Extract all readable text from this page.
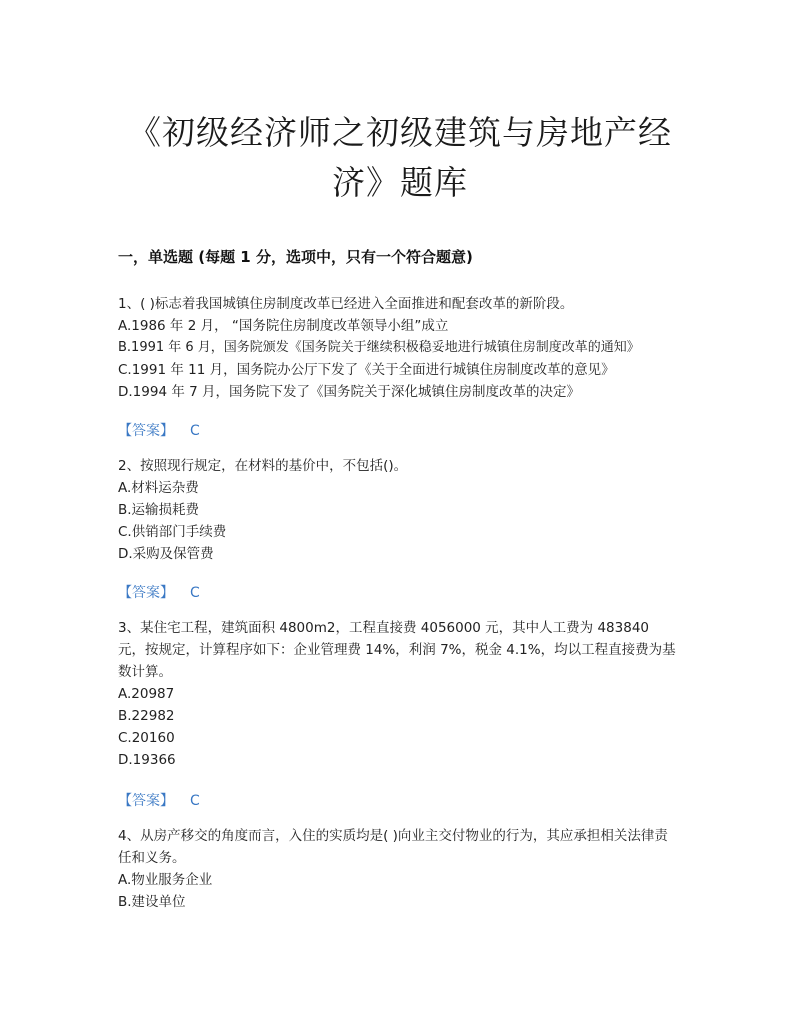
《初级经济师之初级建筑与房地产经
济》题库
一，单选题 (每题 1 分，选项中，只有一个符合题意)
1、( )标志着我国城镇住房制度改革已经进入全面推进和配套改革的新阶段。
A.1986 年 2 月， “国务院住房制度改革领导小组”成立
B.1991 年 6 月，国务院颁发《国务院关于继续积极稳妥地进行城镇住房制度改革的通知》
C.1991 年 11 月，国务院办公厅下发了《关于全面进行城镇住房制度改革的意见》
D.1994 年 7 月，国务院下发了《国务院关于深化城镇住房制度改革的决定》
【答案】 C
2、按照现行规定，在材料的基价中，不包括()。
A.材料运杂费
B.运输损耗费
C.供销部门手续费
D.采购及保管费
【答案】 C
3、某住宅工程，建筑面积 4800m2，工程直接费 4056000 元，其中人工费为 483840 元，按规定，计算程序如下：企业管理费 14%，利润 7%，税金 4.1%，均以工程直接费为基数计算。
A.20987
B.22982
C.20160
D.19366
【答案】 C
4、从房产移交的角度而言，入住的实质均是( )向业主交付物业的行为，其应承担相关法律责任和义务。
A.物业服务企业
B.建设单位
